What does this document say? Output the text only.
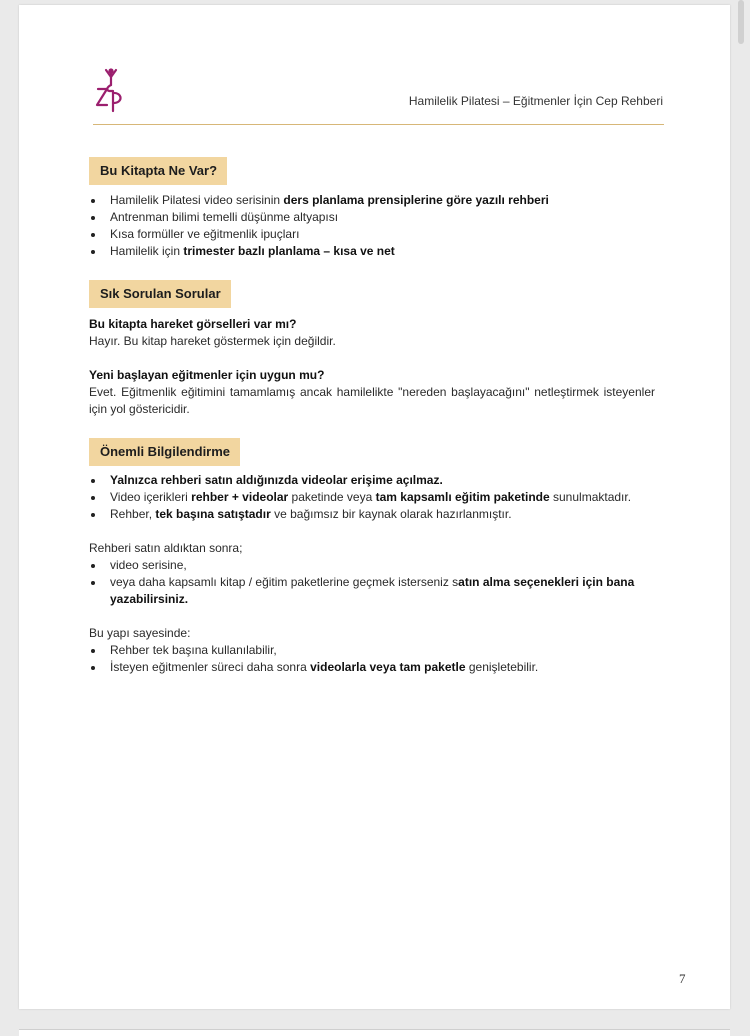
Hamilelik Pilatesi – Eğitmenler İçin Cep Rehberi
Bu Kitapta Ne Var?
Hamilelik Pilatesi video serisinin ders planlama prensiplerine göre yazılı rehberi
Antrenman bilimi temelli düşünme altyapısı
Kısa formüller ve eğitmenlik ipuçları
Hamilelik için trimester bazlı planlama – kısa ve net
Sık Sorulan Sorular

Bu kitapta hareket görselleri var mı?

Hayır. Bu kitap hareket göstermek için değildir.

Yeni başlayan eğitmenler için uygun mu?

Evet. Eğitmenlik eğitimini tamamlamış ancak hamilelikte "nereden başlayacağını" netleştirmek isteyenler için yol göstericidir.

Önemli Bilgilendirme
Yalnızca rehberi satın aldığınızda videolar erişime açılmaz.
Video içerikleri rehber + videolar paketinde veya tam kapsamlı eğitim paketinde sunulmaktadır.
Rehber, tek başına satıştadır ve bağımsız bir kaynak olarak hazırlanmıştır.

Rehberi satın aldıktan sonra;

video serisine,
veya daha kapsamlı kitap / eğitim paketlerine geçmek isterseniz satın alma seçenekleri için bana yazabilirsiniz.

Bu yapı sayesinde:

Rehber tek başına kullanılabilir,
İsteyen eğitmenler süreci daha sonra videolarla veya tam paketle genişletebilir.
7
